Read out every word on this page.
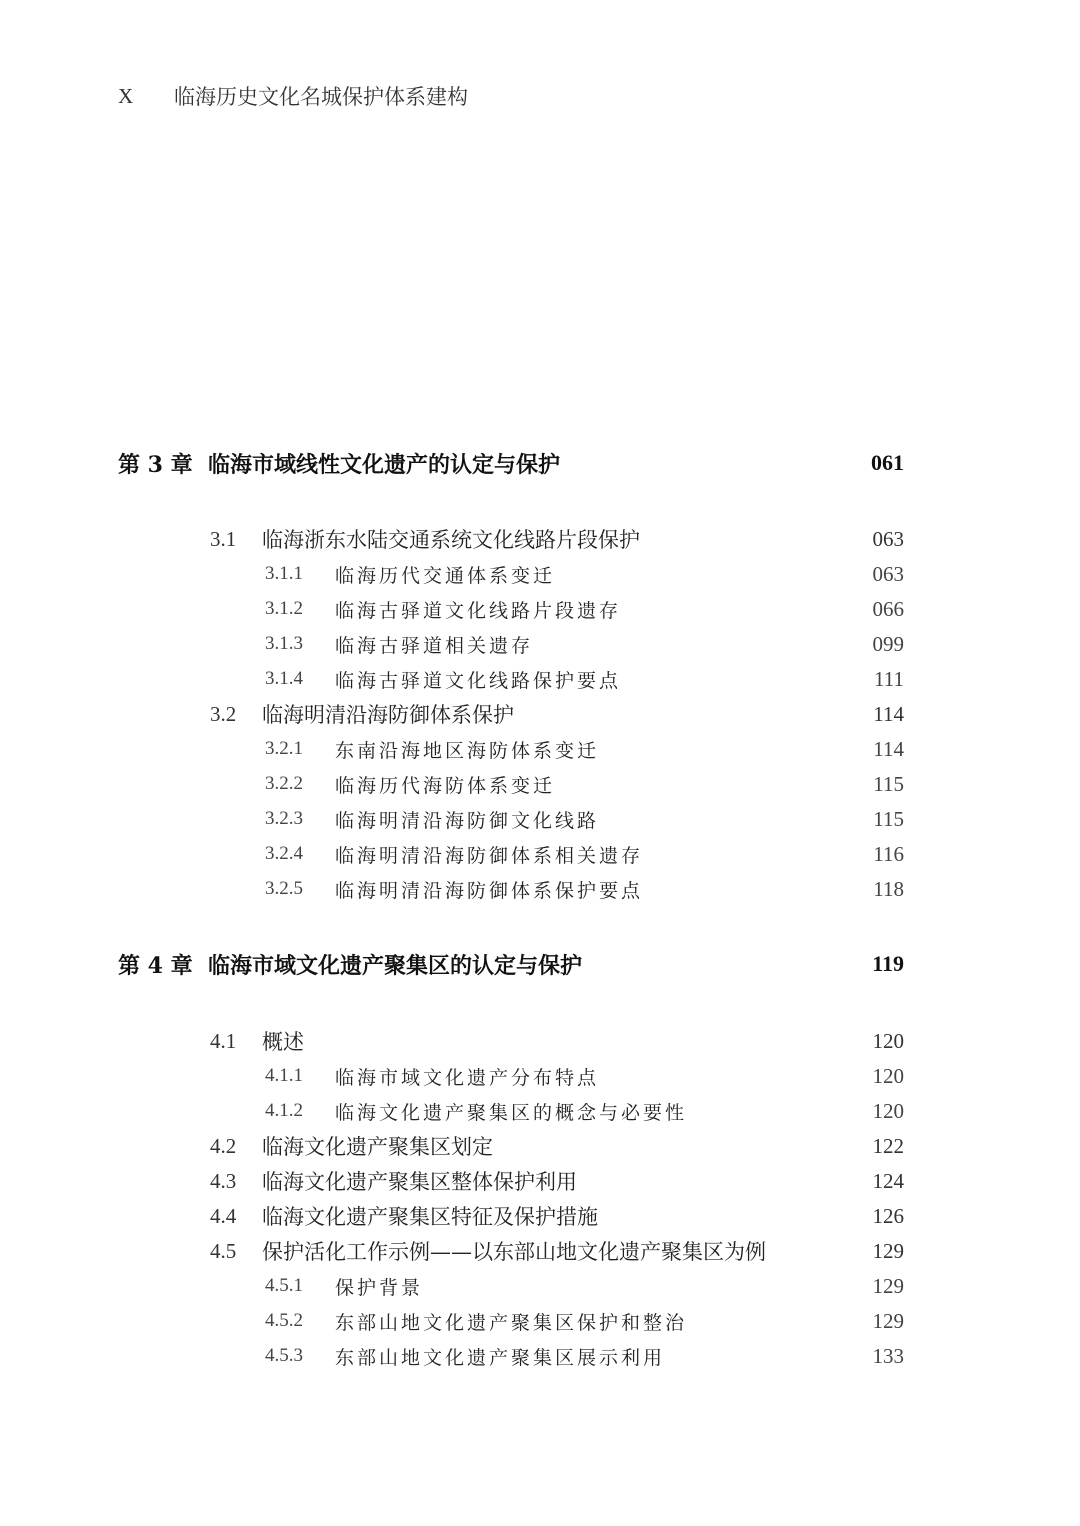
X	临海历史文化名城保护体系建构
第 3 章 临海市域线性文化遗产的认定与保护	061
3.1	临海浙东水陆交通系统文化线路片段保护	063
3.1.1	临海历代交通体系变迁	063
3.1.2	临海古驿道文化线路片段遗存	066
3.1.3	临海古驿道相关遗存	099
3.1.4	临海古驿道文化线路保护要点	111
3.2	临海明清沿海防御体系保护	114
3.2.1	东南沿海地区海防体系变迁	114
3.2.2	临海历代海防体系变迁	115
3.2.3	临海明清沿海防御文化线路	115
3.2.4	临海明清沿海防御体系相关遗存	116
3.2.5	临海明清沿海防御体系保护要点	118
第 4 章 临海市域文化遗产聚集区的认定与保护	119
4.1	概述	120
4.1.1	临海市域文化遗产分布特点	120
4.1.2	临海文化遗产聚集区的概念与必要性	120
4.2	临海文化遗产聚集区划定	122
4.3	临海文化遗产聚集区整体保护利用	124
4.4	临海文化遗产聚集区特征及保护措施	126
4.5	保护活化工作示例——以东部山地文化遗产聚集区为例	129
4.5.1	保护背景	129
4.5.2	东部山地文化遗产聚集区保护和整治	129
4.5.3	东部山地文化遗产聚集区展示利用	133
